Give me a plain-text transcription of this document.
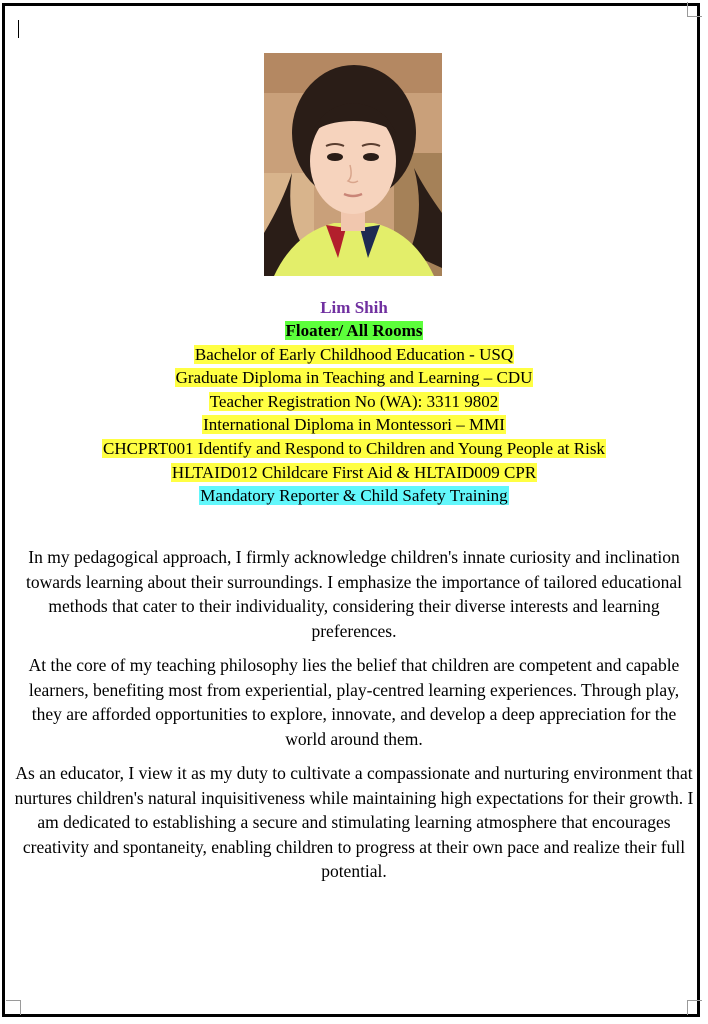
Lim Shih
Floater/ All Rooms
Bachelor of Early Childhood Education - USQ
Graduate Diploma in Teaching and Learning – CDU
Teacher Registration No (WA): 3311 9802
International Diploma in Montessori – MMI
CHCPRT001 Identify and Respond to Children and Young People at Risk
HLTAID012 Childcare First Aid & HLTAID009 CPR
Mandatory Reporter & Child Safety Training

In my pedagogical approach, I firmly acknowledge children's innate curiosity and inclination towards learning about their surroundings. I emphasize the importance of tailored educational methods that cater to their individuality, considering their diverse interests and learning preferences.

At the core of my teaching philosophy lies the belief that children are competent and capable learners, benefiting most from experiential, play-centred learning experiences. Through play, they are afforded opportunities to explore, innovate, and develop a deep appreciation for the world around them.

As an educator, I view it as my duty to cultivate a compassionate and nurturing environment that nurtures children's natural inquisitiveness while maintaining high expectations for their growth. I am dedicated to establishing a secure and stimulating learning atmosphere that encourages creativity and spontaneity, enabling children to progress at their own pace and realize their full potential.
